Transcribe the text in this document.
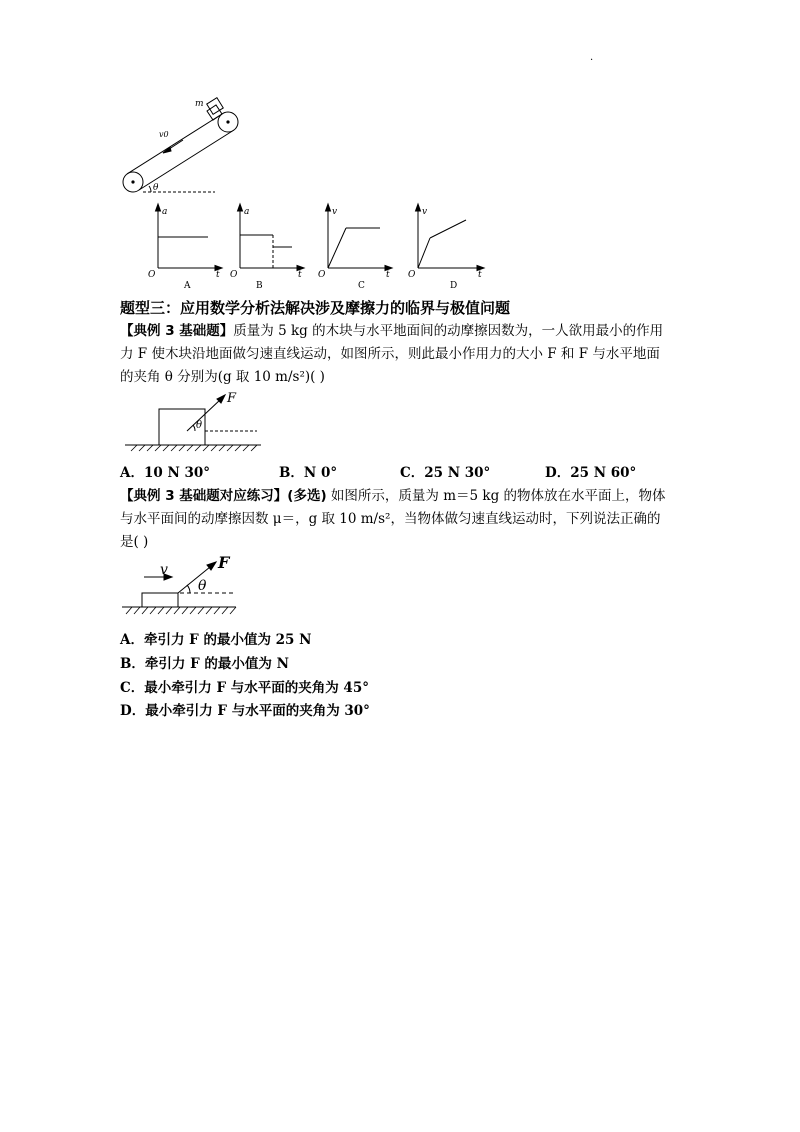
.
m
v0
θ
a
t
O
A
a
t
O
B
v
t
O
C
v
t
O
D
题型三：应用数学分析法解决涉及摩擦力的临界与极值问题
【典例 3 基础题】质量为 5 kg 的木块与水平地面间的动摩擦因数为，一人欲用最小的作用
力 F 使木块沿地面做匀速直线运动，如图所示，则此最小作用力的大小 F 和 F 与水平地面
的夹角 θ 分别为(g 取 10 m/s²)( )
F
θ
A．10 N 30°	B．N 0°	C．25 N 30°	D．25 N 60°
【典例 3 基础题对应练习】(多选) 如图所示，质量为 m＝5 kg 的物体放在水平面上，物体
与水平面间的动摩擦因数 μ＝，g 取 10 m/s²，当物体做匀速直线运动时，下列说法正确的
是( )
v	F
θ
A．牵引力 F 的最小值为 25 N
B．牵引力 F 的最小值为 N
C．最小牵引力 F 与水平面的夹角为 45°
D．最小牵引力 F 与水平面的夹角为 30°
